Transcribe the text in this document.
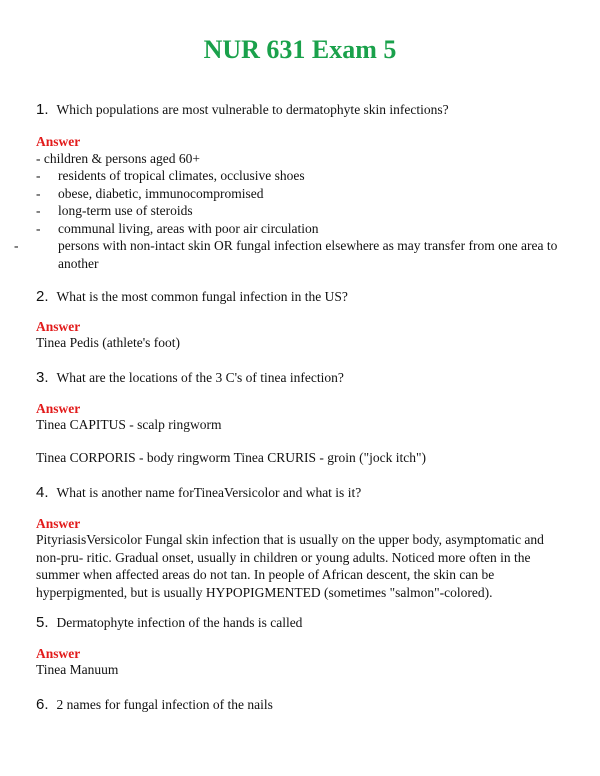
NUR 631 Exam 5
1. Which populations are most vulnerable to dermatophyte skin infections?
Answer
- children & persons aged 60+
- residents of tropical climates, occlusive shoes
- obese, diabetic, immunocompromised
- long-term use of steroids
- communal living, areas with poor air circulation
-	persons with non-intact skin OR fungal infection elsewhere as may transfer from one area to another
2. What is the most common fungal infection in the US?
Answer
Tinea Pedis (athlete's foot)
3. What are the locations of the 3 C's of tinea infection?
Answer
Tinea CAPITUS - scalp ringworm
Tinea CORPORIS - body ringworm Tinea CRURIS - groin ("jock itch")
4. What is another name forTineaVersicolor and what is it?
Answer
PityriasisVersicolor Fungal skin infection that is usually on the upper body, asymptomatic and non-pru- ritic. Gradual onset, usually in children or young adults. Noticed more often in the summer when affected areas do not tan. In people of African descent, the skin can be hyperpigmented, but is usually HYPOPIGMENTED (sometimes "salmon"-colored).
5. Dermatophyte infection of the hands is called
Answer
Tinea Manuum
6. 2 names for fungal infection of the nails
